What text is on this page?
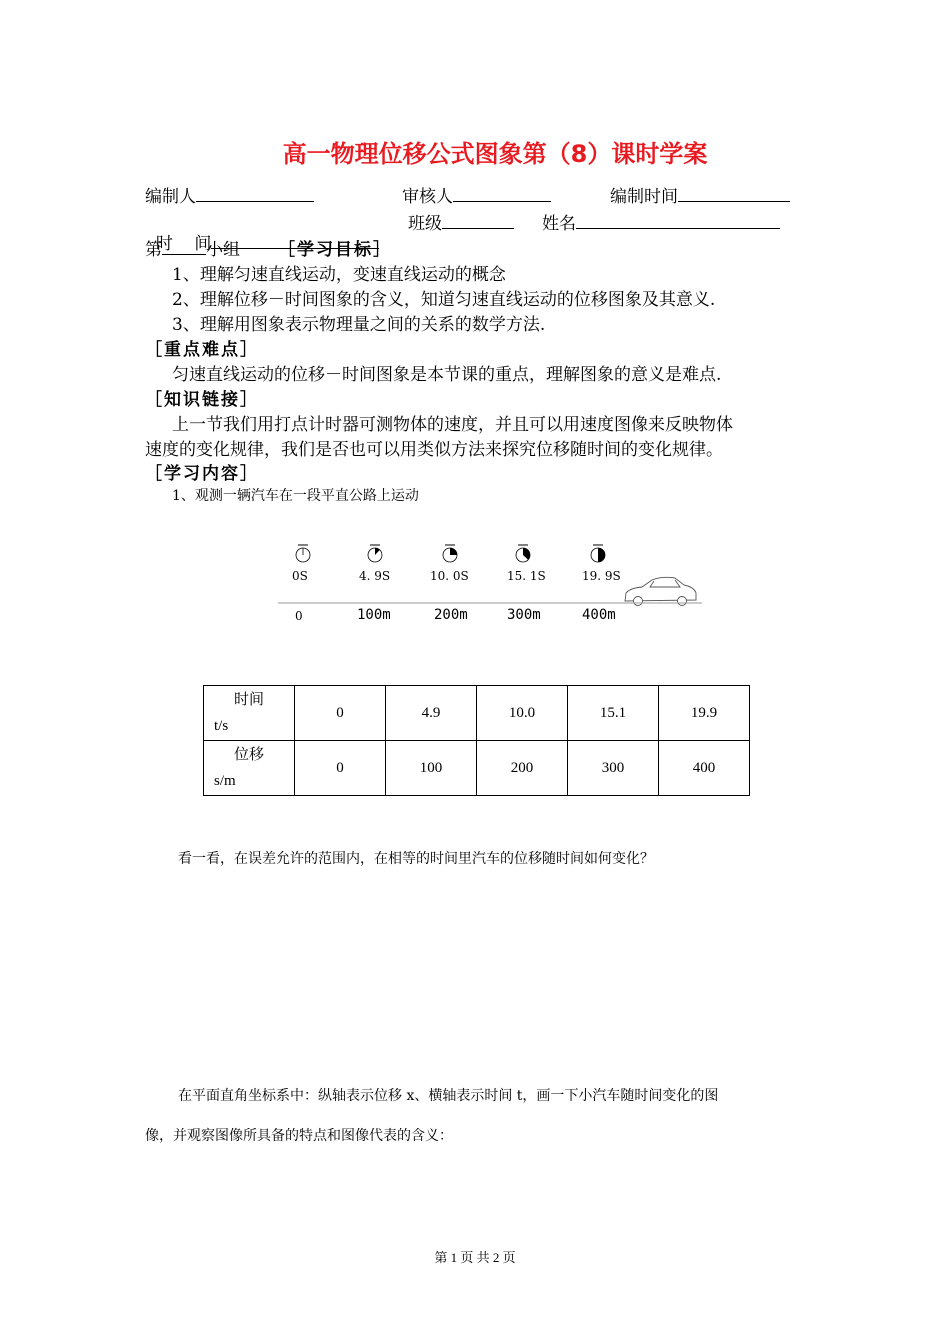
高一物理位移公式图象第（8）课时学案
编制人	审核人	编制时间

时    间

班级	姓名
第	小组 ［学习目标］
1、理解匀速直线运动，变速直线运动的概念
2、理解位移－时间图象的含义，知道匀速直线运动的位移图象及其意义.
3、理解用图象表示物理量之间的关系的数学方法.
［重点难点］
匀速直线运动的位移－时间图象是本节课的重点，理解图象的意义是难点.
［知识链接］
上一节我们用打点计时器可测物体的速度，并且可以用速度图像来反映物体
速度的变化规律，我们是否也可以用类似方法来探究位移随时间的变化规律。
［学习内容］
1、观测一辆汽车在一段平直公路上运动
0S	4. 9S	10. 0S	15. 1S	19. 9S
0	100m	200m	300m	400m
时间
t/s	0	4.9	10.0	15.1	19.9
位移
s/m	0	100	200	300	400
看一看，在误差允许的范围内，在相等的时间里汽车的位移随时间如何变化？
在平面直角坐标系中：纵轴表示位移 x、横轴表示时间 t，画一下小汽车随时间变化的图
像，并观察图像所具备的特点和图像代表的含义：
第 1 页 共 2 页
